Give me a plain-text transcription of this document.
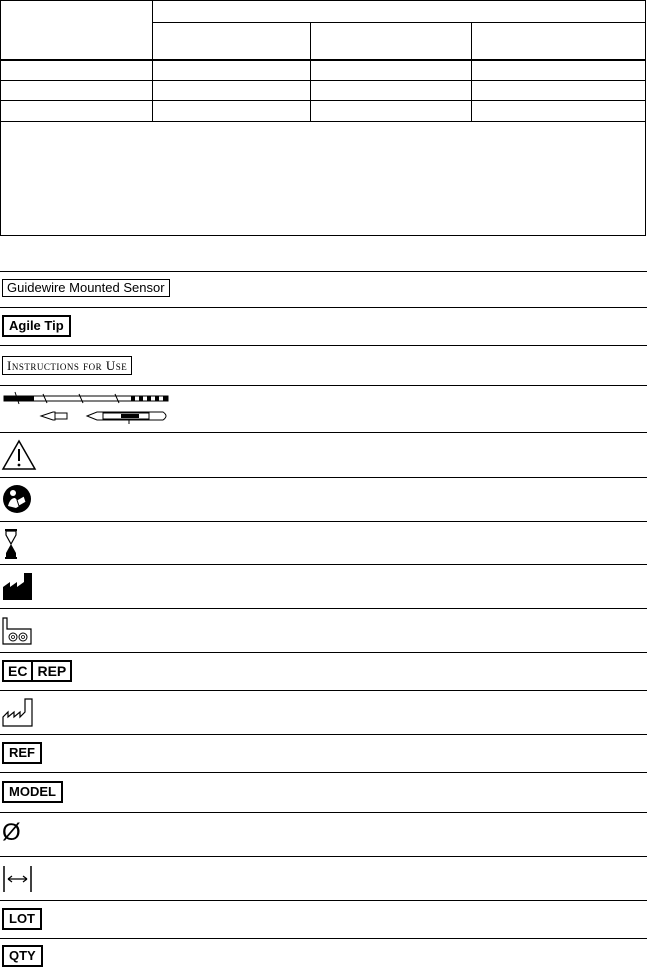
Guidewire Mounted Sensor
Agile Tip
Instructions for Use
EC REP
REF
MODEL
Ø
LOT
QTY
